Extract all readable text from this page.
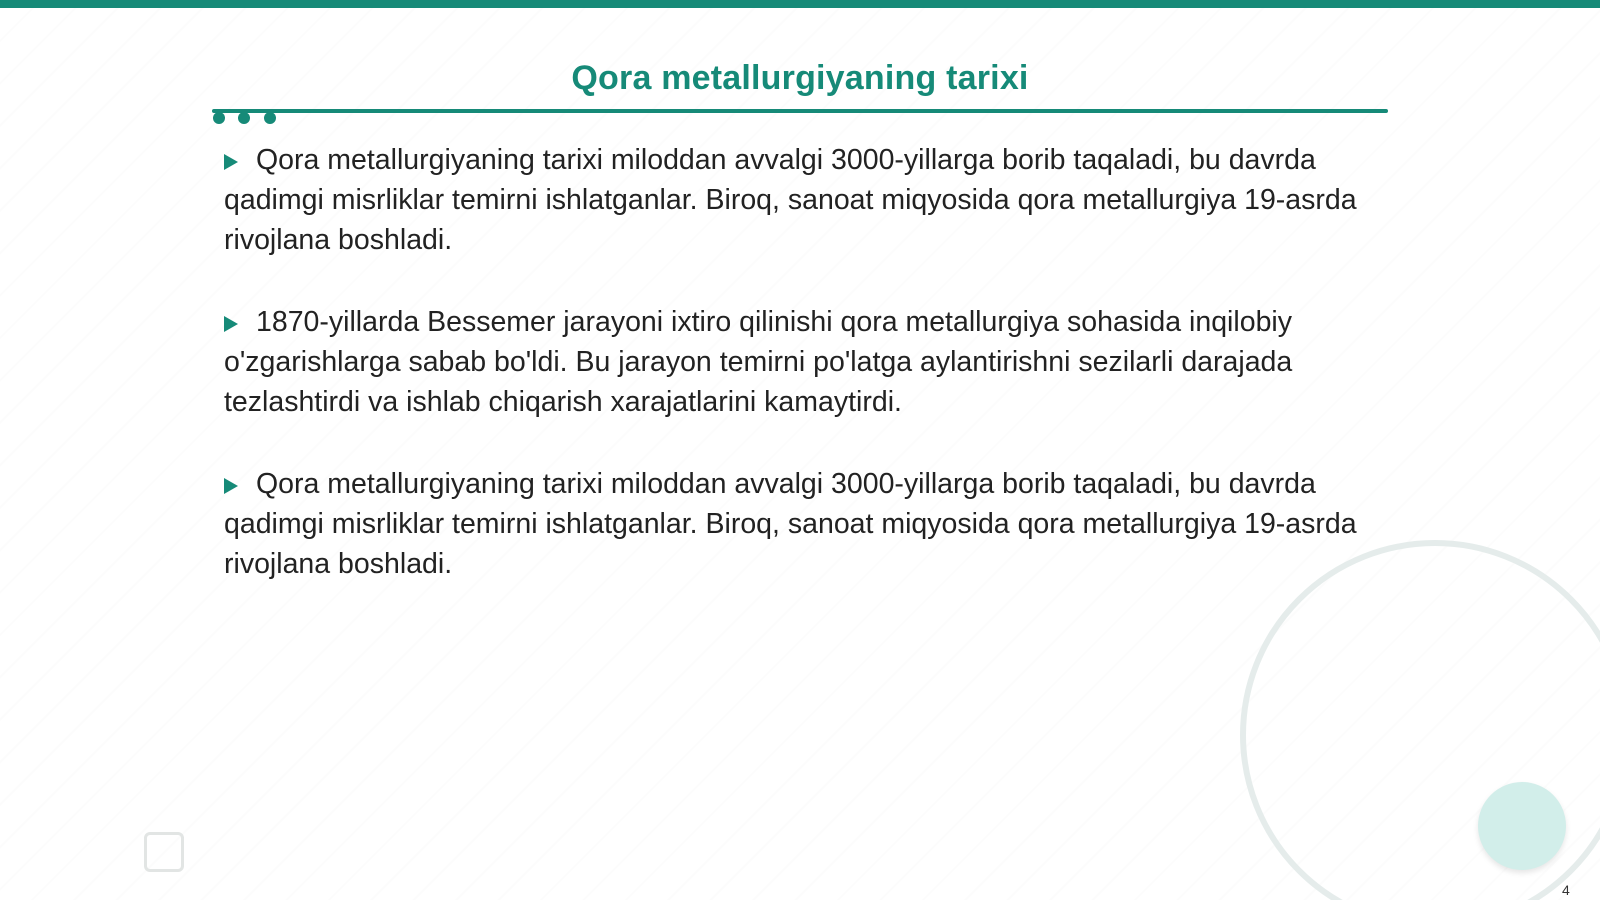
Qora metallurgiyaning tarixi

Qora metallurgiyaning tarixi miloddan avvalgi 3000-yillarga borib taqaladi, bu davrda qadimgi misrliklar temirni ishlatganlar. Biroq, sanoat miqyosida qora metallurgiya 19-asrda rivojlana boshladi.

1870-yillarda Bessemer jarayoni ixtiro qilinishi qora metallurgiya sohasida inqilobiy o'zgarishlarga sabab bo'ldi. Bu jarayon temirni po'latga aylantirishni sezilarli darajada tezlashtirdi va ishlab chiqarish xarajatlarini kamaytirdi.

Qora metallurgiyaning tarixi miloddan avvalgi 3000-yillarga borib taqaladi, bu davrda qadimgi misrliklar temirni ishlatganlar. Biroq, sanoat miqyosida qora metallurgiya 19-asrda rivojlana boshladi.

4
